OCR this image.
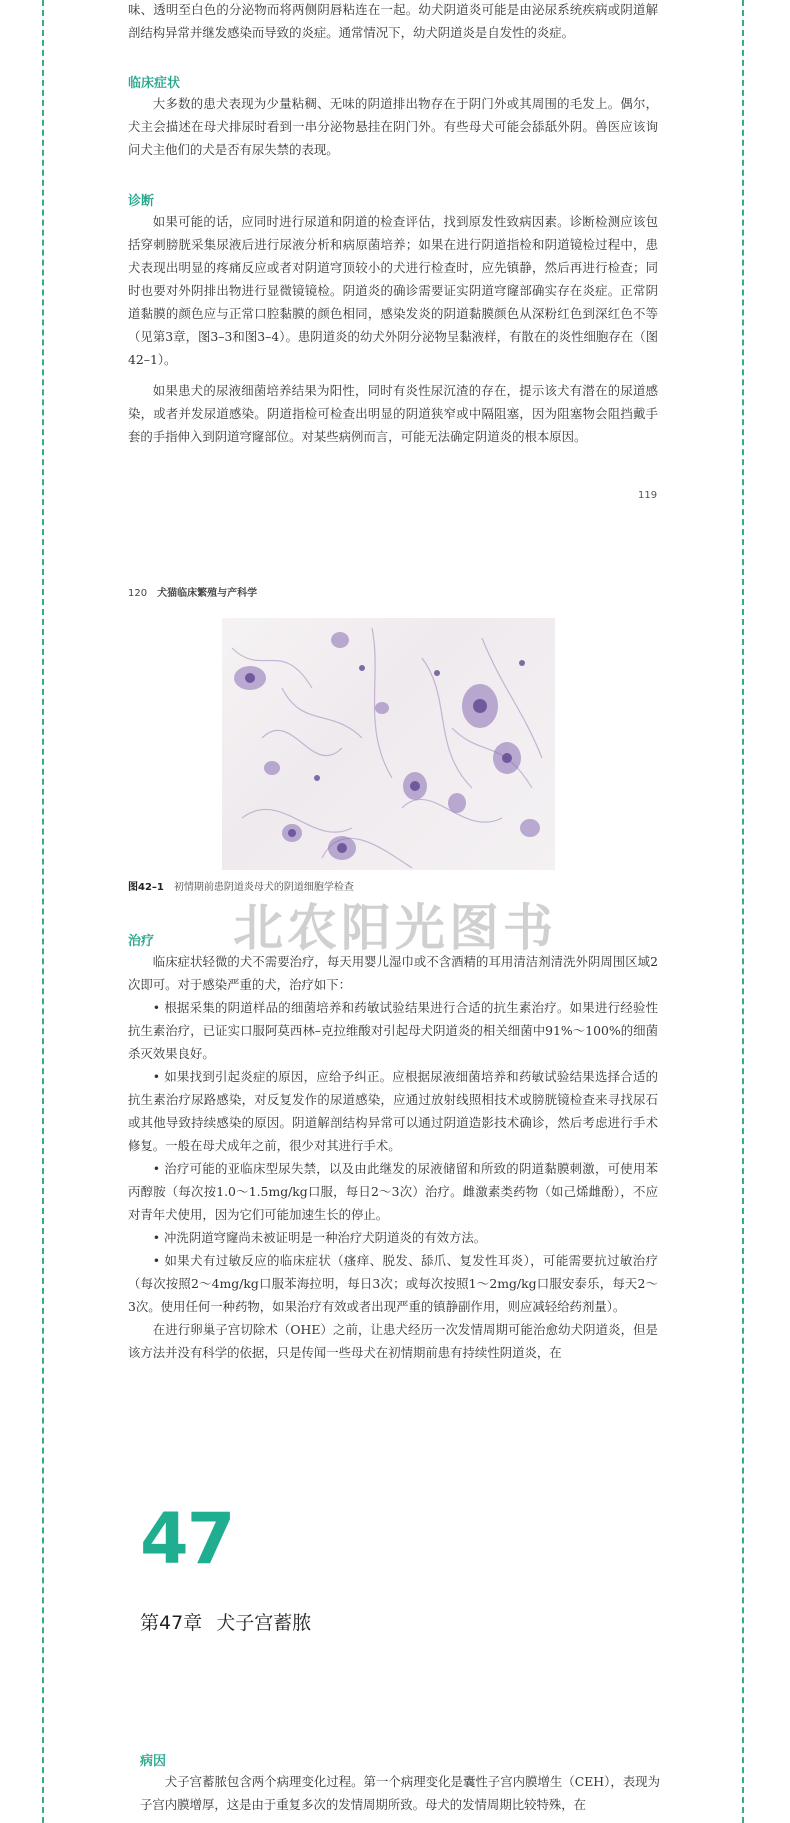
味、透明至白色的分泌物而将两侧阴唇粘连在一起。幼犬阴道炎可能是由泌尿系统疾病或阴道解剖结构异常并继发感染而导致的炎症。通常情况下，幼犬阴道炎是自发性的炎症。

临床症状

大多数的患犬表现为少量粘稠、无味的阴道排出物存在于阴门外或其周围的毛发上。偶尔，犬主会描述在母犬排尿时看到一串分泌物悬挂在阴门外。有些母犬可能会舔舐外阴。兽医应该询问犬主他们的犬是否有尿失禁的表现。

诊断

如果可能的话，应同时进行尿道和阴道的检查评估，找到原发性致病因素。诊断检测应该包括穿刺膀胱采集尿液后进行尿液分析和病原菌培养；如果在进行阴道指检和阴道镜检过程中，患犬表现出明显的疼痛反应或者对阴道穹顶较小的犬进行检查时，应先镇静，然后再进行检查；同时也要对外阴排出物进行显微镜镜检。阴道炎的确诊需要证实阴道穹窿部确实存在炎症。正常阴道黏膜的颜色应与正常口腔黏膜的颜色相同，感染发炎的阴道黏膜颜色从深粉红色到深红色不等（见第3章，图3–3和图3–4）。患阴道炎的幼犬外阴分泌物呈黏液样，有散在的炎性细胞存在（图42–1）。

如果患犬的尿液细菌培养结果为阳性，同时有炎性尿沉渣的存在，提示该犬有潜在的尿道感染，或者并发尿道感染。阴道指检可检查出明显的阴道狭窄或中隔阻塞，因为阻塞物会阻挡戴手套的手指伸入到阴道穹窿部位。对某些病例而言，可能无法确定阴道炎的根本原因。

119
120 犬猫临床繁殖与产科学
图42–1 初情期前患阴道炎母犬的阴道细胞学检查
北农阳光图书
治疗

临床症状轻微的犬不需要治疗，每天用婴儿湿巾或不含酒精的耳用清洁剂清洗外阴周围区域2次即可。对于感染严重的犬，治疗如下：

• 根据采集的阴道样品的细菌培养和药敏试验结果进行合适的抗生素治疗。如果进行经验性抗生素治疗，已证实口服阿莫西林–克拉维酸对引起母犬阴道炎的相关细菌中91%～100%的细菌杀灭效果良好。

• 如果找到引起炎症的原因，应给予纠正。应根据尿液细菌培养和药敏试验结果选择合适的抗生素治疗尿路感染，对反复发作的尿道感染，应通过放射线照相技术或膀胱镜检查来寻找尿石或其他导致持续感染的原因。阴道解剖结构异常可以通过阴道造影技术确诊，然后考虑进行手术修复。一般在母犬成年之前，很少对其进行手术。

• 治疗可能的亚临床型尿失禁，以及由此继发的尿液储留和所致的阴道黏膜刺激，可使用苯丙醇胺（每次按1.0～1.5mg/kg口服，每日2～3次）治疗。雌激素类药物（如己烯雌酚），不应对青年犬使用，因为它们可能加速生长的停止。

• 冲洗阴道穹窿尚未被证明是一种治疗犬阴道炎的有效方法。

• 如果犬有过敏反应的临床症状（瘙痒、脱发、舔爪、复发性耳炎），可能需要抗过敏治疗（每次按照2～4mg/kg口服苯海拉明，每日3次；或每次按照1～2mg/kg口服安泰乐，每天2～3次。使用任何一种药物，如果治疗有效或者出现严重的镇静副作用，则应减轻给药剂量）。

在进行卵巢子宫切除术（OHE）之前，让患犬经历一次发情周期可能治愈幼犬阴道炎，但是该方法并没有科学的依据，只是传闻一些母犬在初情期前患有持续性阴道炎，在

47
第47章 犬子宫蓄脓
病因

犬子宫蓄脓包含两个病理变化过程。第一个病理变化是囊性子宫内膜增生（CEH），表现为子宫内膜增厚，这是由于重复多次的发情周期所致。母犬的发情周期比较特殊，在
